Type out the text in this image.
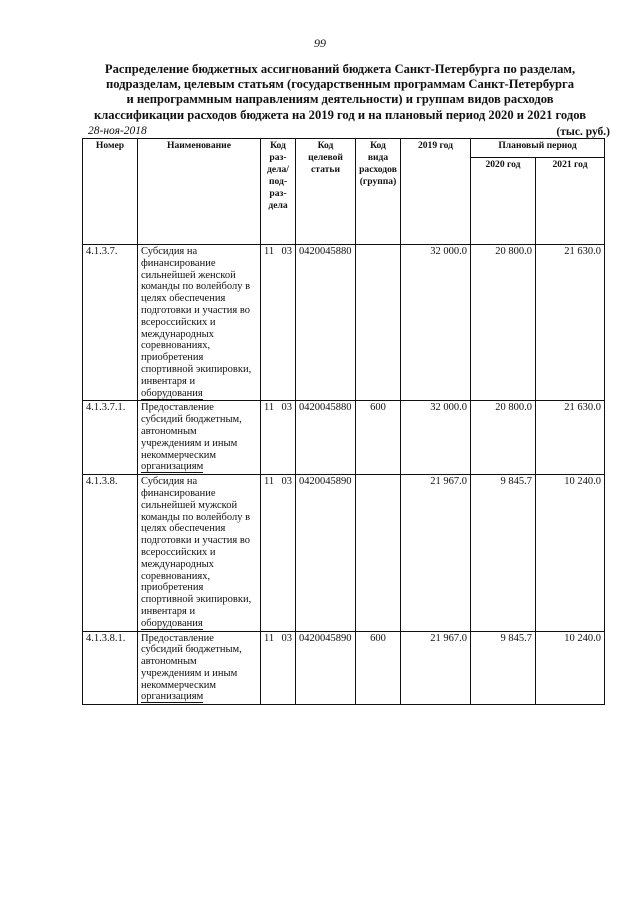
99
Распределение бюджетных ассигнований бюджета Санкт-Петербурга по разделам,
подразделам, целевым статьям (государственным программам Санкт-Петербурга
и непрограммным направлениям деятельности) и группам видов расходов
классификации расходов бюджета на 2019 год и на плановый период 2020 и 2021 годов
28-ноя-2018	(тыс. руб.)
Номер	Наименование	Код раз-дела/ под-раз-дела	Код целевой статьи	Код вида расходов (группа)	2019 год	Плановый период	
						2020 год	2021 год
4.1.3.7.	Субсидия на финансирование сильнейшей женской команды по волейболу в целях обеспечения подготовки и участия во всероссийских и международных соревнованиях, приобретения спортивной экипировки, инвентаря и оборудования	11 03	0420045880		32 000.0	20 800.0	21 630.0
4.1.3.7.1.	Предоставление субсидий бюджетным, автономным учреждениям и иным некоммерческим организациям	11 03	0420045880	600	32 000.0	20 800.0	21 630.0
4.1.3.8.	Субсидия на финансирование сильнейшей мужской команды по волейболу в целях обеспечения подготовки и участия во всероссийских и международных соревнованиях, приобретения спортивной экипировки, инвентаря и оборудования	11 03	0420045890		21 967.0	9 845.7	10 240.0
4.1.3.8.1.	Предоставление субсидий бюджетным, автономным учреждениям и иным некоммерческим организациям	11 03	0420045890	600	21 967.0	9 845.7	10 240.0
